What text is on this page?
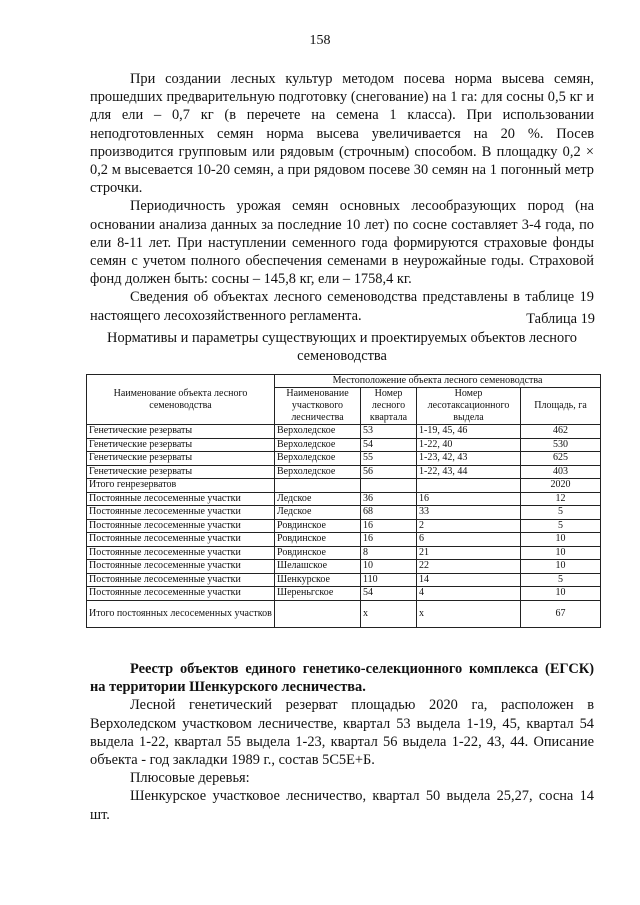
158

При создании лесных культур методом посева норма высева семян, прошедших предварительную подготовку (снегование) на 1 га: для сосны 0,5 кг и для ели – 0,7 кг (в перечете на семена 1 класса). При использовании неподготовленных семян норма высева увеличивается на 20 %. Посев производится групповым или рядовым (строчным) способом. В площадку 0,2 × 0,2 м высевается 10-20 семян, а при рядовом посеве 30 семян на 1 погонный метр строчки.

Периодичность урожая семян основных лесообразующих пород (на основании анализа данных за последние 10 лет) по сосне составляет 3-4 года, по ели 8-11 лет. При наступлении семенного года формируются страховые фонды семян с учетом полного обеспечения семенами в неурожайные годы. Страховой фонд должен быть: сосны – 145,8 кг, ели – 1758,4 кг.

Сведения об объектах лесного семеноводства представлены в таблице 19 настоящего лесохозяйственного регламента.	Таблица 19
Нормативы и параметры существующих и проектируемых объектов лесного семеноводства
Наименование объекта лесного семеноводства	Местоположение объекта лесного семеноводства			
	Наименование участкового лесничества	Номер лесного квартала	Номер лесотаксационного выдела	Площадь, га
Генетические резерваты	Верхоледское	53	1-19, 45, 46	462
Генетические резерваты	Верхоледское	54	1-22, 40	530
Генетические резерваты	Верхоледское	55	1-23, 42, 43	625
Генетические резерваты	Верхоледское	56	1-22, 43, 44	403
Итого генрезерватов				2020
Постоянные лесосеменные участки	Ледское	36	16	12
Постоянные лесосеменные участки	Ледское	68	33	5
Постоянные лесосеменные участки	Ровдинское	16	2	5
Постоянные лесосеменные участки	Ровдинское	16	6	10
Постоянные лесосеменные участки	Ровдинское	8	21	10
Постоянные лесосеменные участки	Шелашское	10	22	10
Постоянные лесосеменные участки	Шенкурское	110	14	5
Постоянные лесосеменные участки	Шереньгское	54	4	10
Итого постоянных лесосеменных участков		х	х	67

Реестр объектов единого генетико-селекционного комплекса (ЕГСК) на территории Шенкурского лесничества.

Лесной генетический резерват площадью 2020 га, расположен в Верхоледском участковом лесничестве, квартал 53 выдела 1-19, 45, квартал 54 выдела 1-22, квартал 55 выдела 1-23, квартал 56 выдела 1-22, 43, 44. Описание объекта - год закладки 1989 г., состав 5С5Е+Б.

Плюсовые деревья:

Шенкурское участковое лесничество, квартал 50 выдела 25,27, сосна 14 шт.
